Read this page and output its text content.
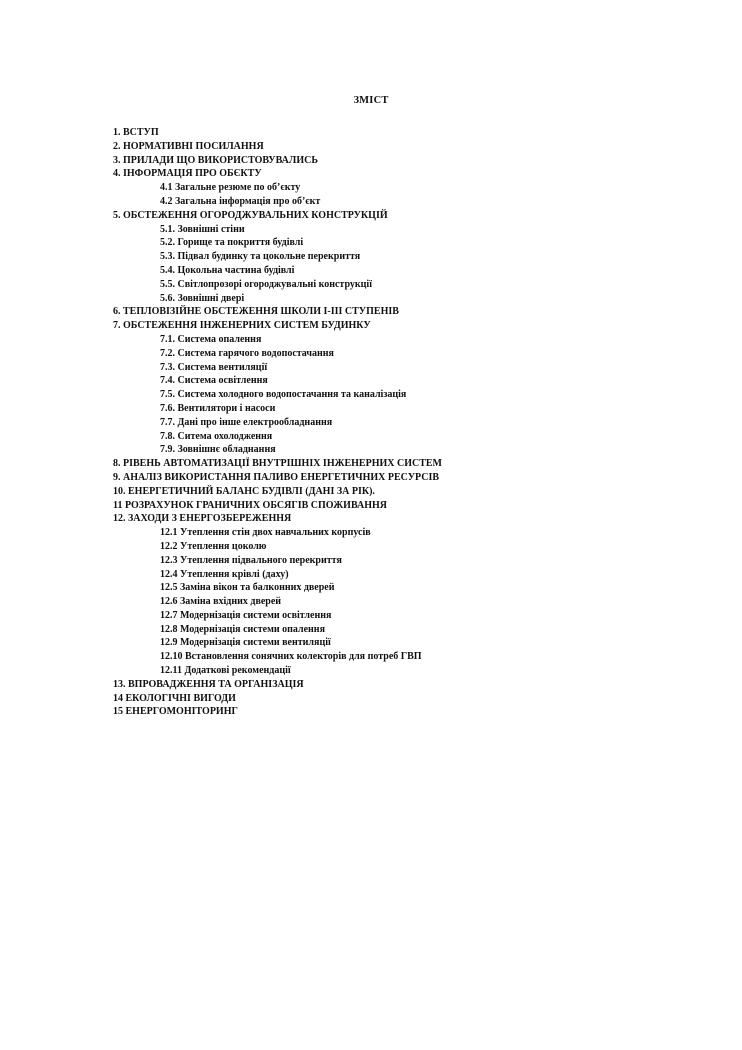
ЗМІСТ
1. ВСТУП
2. НОРМАТИВНІ ПОСИЛАННЯ
3. ПРИЛАДИ ЩО ВИКОРИСТОВУВАЛИСЬ
4. ІНФОРМАЦІЯ ПРО ОБЄКТУ
4.1 Загальне резюме по об’єкту
4.2 Загальна інформація про об’єкт
5. ОБСТЕЖЕННЯ ОГОРОДЖУВАЛЬНИХ КОНСТРУКЦІЙ
5.1. Зовнішні стіни
5.2. Горище та покриття будівлі
5.3. Підвал будинку та цокольне перекриття
5.4. Цокольна частина будівлі
5.5. Світлопрозорі огороджувальні конструкції
5.6. Зовнішні двері
6. ТЕПЛОВІЗІЙНЕ ОБСТЕЖЕННЯ ШКОЛИ І-ІІІ СТУПЕНІВ
7. ОБСТЕЖЕННЯ ІНЖЕНЕРНИХ СИСТЕМ БУДИНКУ
7.1. Система опалення
7.2. Система гарячого водопостачання
7.3. Система вентиляції
7.4. Система освітлення
7.5. Система холодного водопостачання та каналізація
7.6. Вентилятори і насоси
7.7. Дані про інше електрообладнання
7.8. Ситема охолодження
7.9. Зовнішнє обладнання
8. РІВЕНЬ АВТОМАТИЗАЦІЇ ВНУТРІШНІХ ІНЖЕНЕРНИХ СИСТЕМ
9. АНАЛІЗ ВИКОРИСТАННЯ ПАЛИВО ЕНЕРГЕТИЧНИХ РЕСУРСІВ
10. ЕНЕРГЕТИЧНИЙ БАЛАНС БУДІВЛІ (ДАНІ ЗА РІК).
11 РОЗРАХУНОК ГРАНИЧНИХ ОБСЯГІВ СПОЖИВАННЯ
12. ЗАХОДИ З ЕНЕРГОЗБЕРЕЖЕННЯ
12.1 Утеплення стін двох навчальних корпусів
12.2 Утеплення цоколю
12.3 Утеплення підвального перекриття
12.4 Утеплення крівлі (даху)
12.5 Заміна вікон та балконних дверей
12.6 Заміна вхідних дверей
12.7 Модернізація системи освітлення
12.8 Модернізація системи опалення
12.9 Модернізація системи вентиляції
12.10 Встановлення сонячних колекторів для потреб ГВП
12.11 Додаткові рекомендації
13. ВПРОВАДЖЕННЯ ТА ОРГАНІЗАЦІЯ
14 ЕКОЛОГІЧНІ ВИГОДИ
15 ЕНЕРГОМОНІТОРИНГ
